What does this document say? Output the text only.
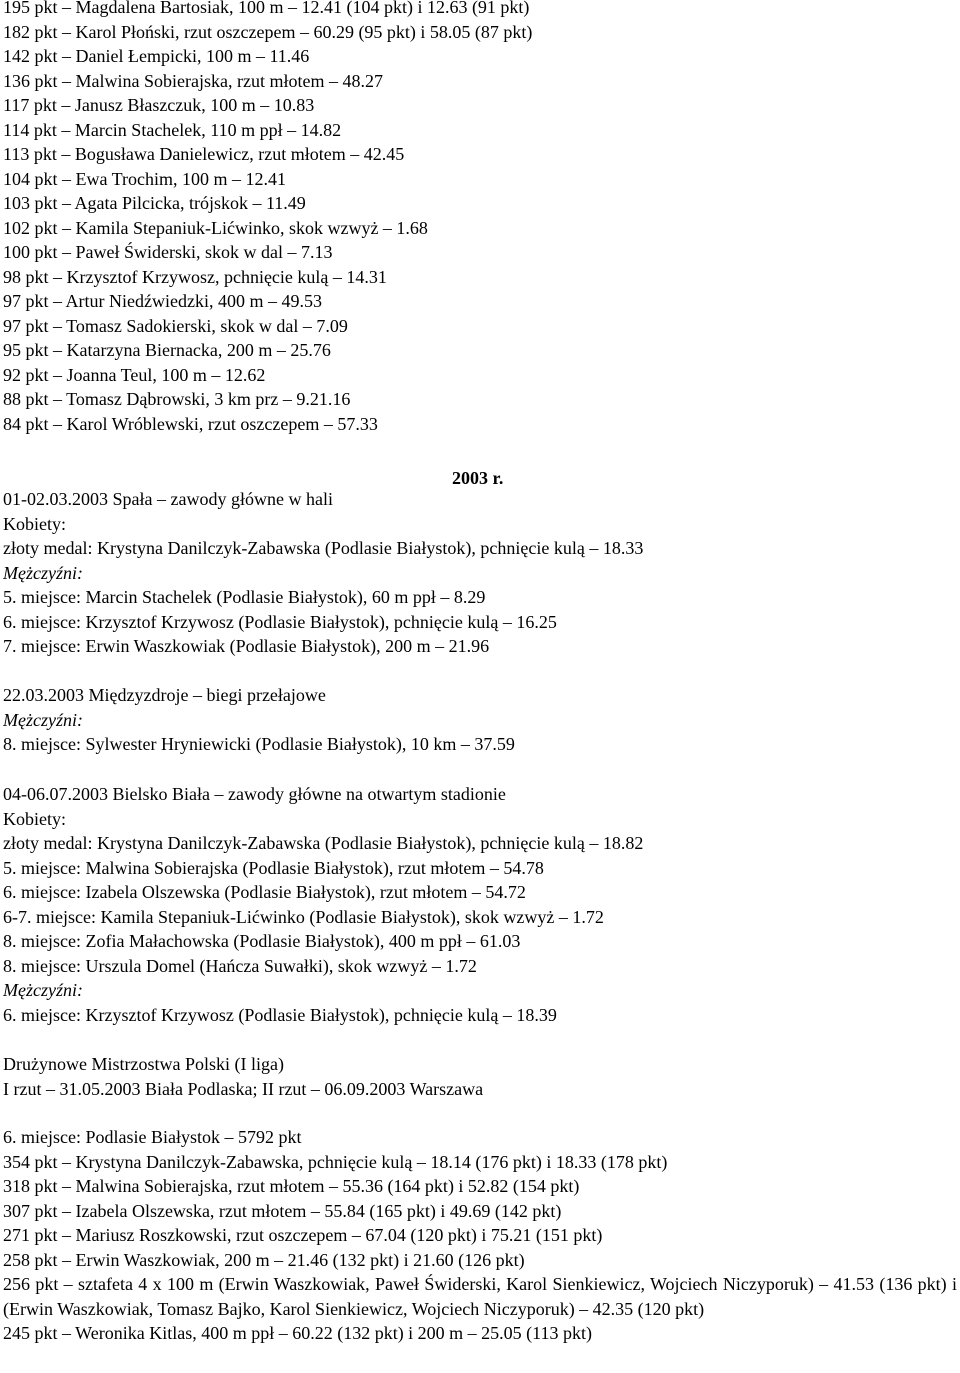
195 pkt – Magdalena Bartosiak, 100 m – 12.41 (104 pkt) i 12.63 (91 pkt)
182 pkt – Karol Płoński, rzut oszczepem – 60.29 (95 pkt) i 58.05 (87 pkt)
142 pkt – Daniel Łempicki, 100 m – 11.46
136 pkt – Malwina Sobierajska, rzut młotem – 48.27
117 pkt – Janusz Błaszczuk, 100 m – 10.83
114 pkt – Marcin Stachelek, 110 m ppł – 14.82
113 pkt – Bogusława Danielewicz, rzut młotem – 42.45
104 pkt – Ewa Trochim, 100 m – 12.41
103 pkt – Agata Pilcicka, trójskok – 11.49
102 pkt – Kamila Stepaniuk-Lićwinko, skok wzwyż – 1.68
100 pkt – Paweł Świderski, skok w dal – 7.13
98 pkt – Krzysztof Krzywosz, pchnięcie kulą – 14.31
97 pkt – Artur Niedźwiedzki, 400 m – 49.53
97 pkt – Tomasz Sadokierski, skok w dal – 7.09
95 pkt – Katarzyna Biernacka, 200 m – 25.76
92 pkt – Joanna Teul, 100 m – 12.62
88 pkt – Tomasz Dąbrowski, 3 km prz – 9.21.16
84 pkt – Karol Wróblewski, rzut oszczepem – 57.33
2003 r.
01-02.03.2003 Spała – zawody główne w hali
Kobiety:
złoty medal: Krystyna Danilczyk-Zabawska (Podlasie Białystok), pchnięcie kulą – 18.33
Mężczyźni:
5. miejsce: Marcin Stachelek (Podlasie Białystok), 60 m ppł – 8.29
6. miejsce: Krzysztof Krzywosz (Podlasie Białystok), pchnięcie kulą – 16.25
7. miejsce: Erwin Waszkowiak (Podlasie Białystok), 200 m – 21.96
22.03.2003 Międzyzdroje – biegi przełajowe
Mężczyźni:
8. miejsce: Sylwester Hryniewicki (Podlasie Białystok), 10 km – 37.59
04-06.07.2003 Bielsko Biała – zawody główne na otwartym stadionie
Kobiety:
złoty medal: Krystyna Danilczyk-Zabawska (Podlasie Białystok), pchnięcie kulą – 18.82
5. miejsce: Malwina Sobierajska (Podlasie Białystok), rzut młotem – 54.78
6. miejsce: Izabela Olszewska (Podlasie Białystok), rzut młotem – 54.72
6-7. miejsce: Kamila Stepaniuk-Lićwinko (Podlasie Białystok), skok wzwyż – 1.72
8. miejsce: Zofia Małachowska (Podlasie Białystok), 400 m ppł – 61.03
8. miejsce: Urszula Domel (Hańcza Suwałki), skok wzwyż – 1.72
Mężczyźni:
6. miejsce: Krzysztof Krzywosz (Podlasie Białystok), pchnięcie kulą – 18.39
Drużynowe Mistrzostwa Polski (I liga)
I rzut – 31.05.2003 Biała Podlaska; II rzut – 06.09.2003 Warszawa
6. miejsce: Podlasie Białystok – 5792 pkt
354 pkt – Krystyna Danilczyk-Zabawska, pchnięcie kulą – 18.14 (176 pkt) i 18.33 (178 pkt)
318 pkt – Malwina Sobierajska, rzut młotem – 55.36 (164 pkt) i 52.82 (154 pkt)
307 pkt – Izabela Olszewska, rzut młotem – 55.84 (165 pkt) i 49.69 (142 pkt)
271 pkt – Mariusz Roszkowski, rzut oszczepem – 67.04 (120 pkt) i 75.21 (151 pkt)
258 pkt – Erwin Waszkowiak, 200 m – 21.46 (132 pkt) i 21.60 (126 pkt)
256 pkt – sztafeta 4 x 100 m (Erwin Waszkowiak, Paweł Świderski, Karol Sienkiewicz, Wojciech Niczyporuk) – 41.53 (136 pkt) i (Erwin Waszkowiak, Tomasz Bajko, Karol Sienkiewicz, Wojciech Niczyporuk) – 42.35 (120 pkt)
245 pkt – Weronika Kitlas, 400 m ppł – 60.22 (132 pkt) i 200 m – 25.05 (113 pkt)
